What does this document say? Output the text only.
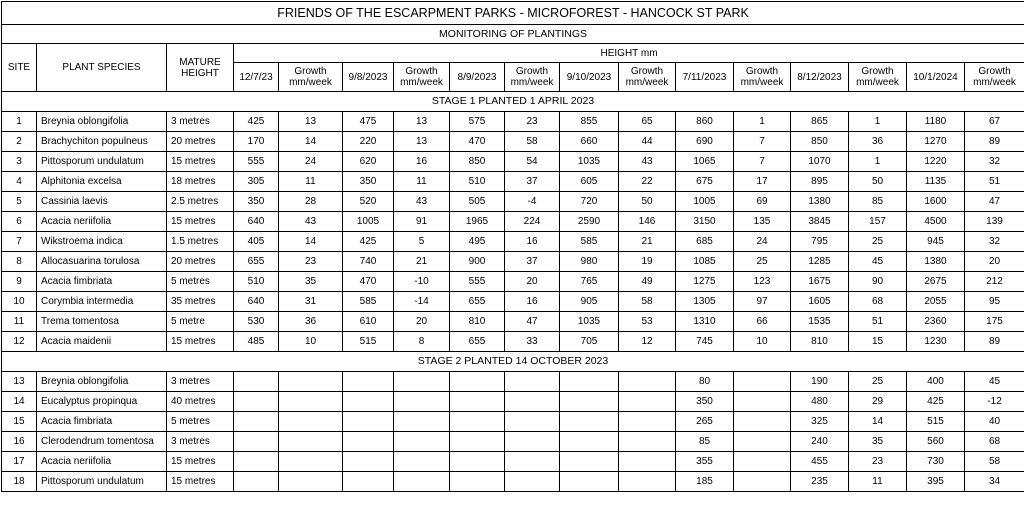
FRIENDS OF THE ESCARPMENT PARKS - MICROFOREST - HANCOCK ST PARK																
MONITORING OF PLANTINGS																
SITE	PLANT SPECIES	MATURE HEIGHT	HEIGHT mm													
			12/7/23	Growth mm/week	9/8/2023	Growth mm/week	8/9/2023	Growth mm/week	9/10/2023	Growth mm/week	7/11/2023	Growth mm/week	8/12/2023	Growth mm/week	10/1/2024	Growth mm/week
STAGE 1 PLANTED 1 APRIL 2023																
1	Breynia oblongifolia	3 metres	425	13	475	13	575	23	855	65	860	1	865	1	1180	67
2	Brachychiton populneus	20 metres	170	14	220	13	470	58	660	44	690	7	850	36	1270	89
3	Pittosporum undulatum	15 metres	555	24	620	16	850	54	1035	43	1065	7	1070	1	1220	32
4	Alphitonia excelsa	18 metres	305	11	350	11	510	37	605	22	675	17	895	50	1135	51
5	Cassinia laevis	2.5 metres	350	28	520	43	505	-4	720	50	1005	69	1380	85	1600	47
6	Acacia neriifolia	15 metres	640	43	1005	91	1965	224	2590	146	3150	135	3845	157	4500	139
7	Wikstroema indica	1.5 metres	405	14	425	5	495	16	585	21	685	24	795	25	945	32
8	Allocasuarina torulosa	20 metres	655	23	740	21	900	37	980	19	1085	25	1285	45	1380	20
9	Acacia fimbriata	5 metres	510	35	470	-10	555	20	765	49	1275	123	1675	90	2675	212
10	Corymbia intermedia	35 metres	640	31	585	-14	655	16	905	58	1305	97	1605	68	2055	95
11	Trema tomentosa	5 metre	530	36	610	20	810	47	1035	53	1310	66	1535	51	2360	175
12	Acacia maidenii	15 metres	485	10	515	8	655	33	705	12	745	10	810	15	1230	89
STAGE 2 PLANTED 14 OCTOBER 2023																
13	Breynia oblongifolia	3 metres									80		190	25	400	45
14	Eucalyptus propinqua	40 metres									350		480	29	425	-12
15	Acacia fimbriata	5 metres									265		325	14	515	40
16	Clerodendrum tomentosa	3 metres									85		240	35	560	68
17	Acacia neriifolia	15 metres									355		455	23	730	58
18	Pittosporum undulatum	15 metres									185		235	11	395	34
